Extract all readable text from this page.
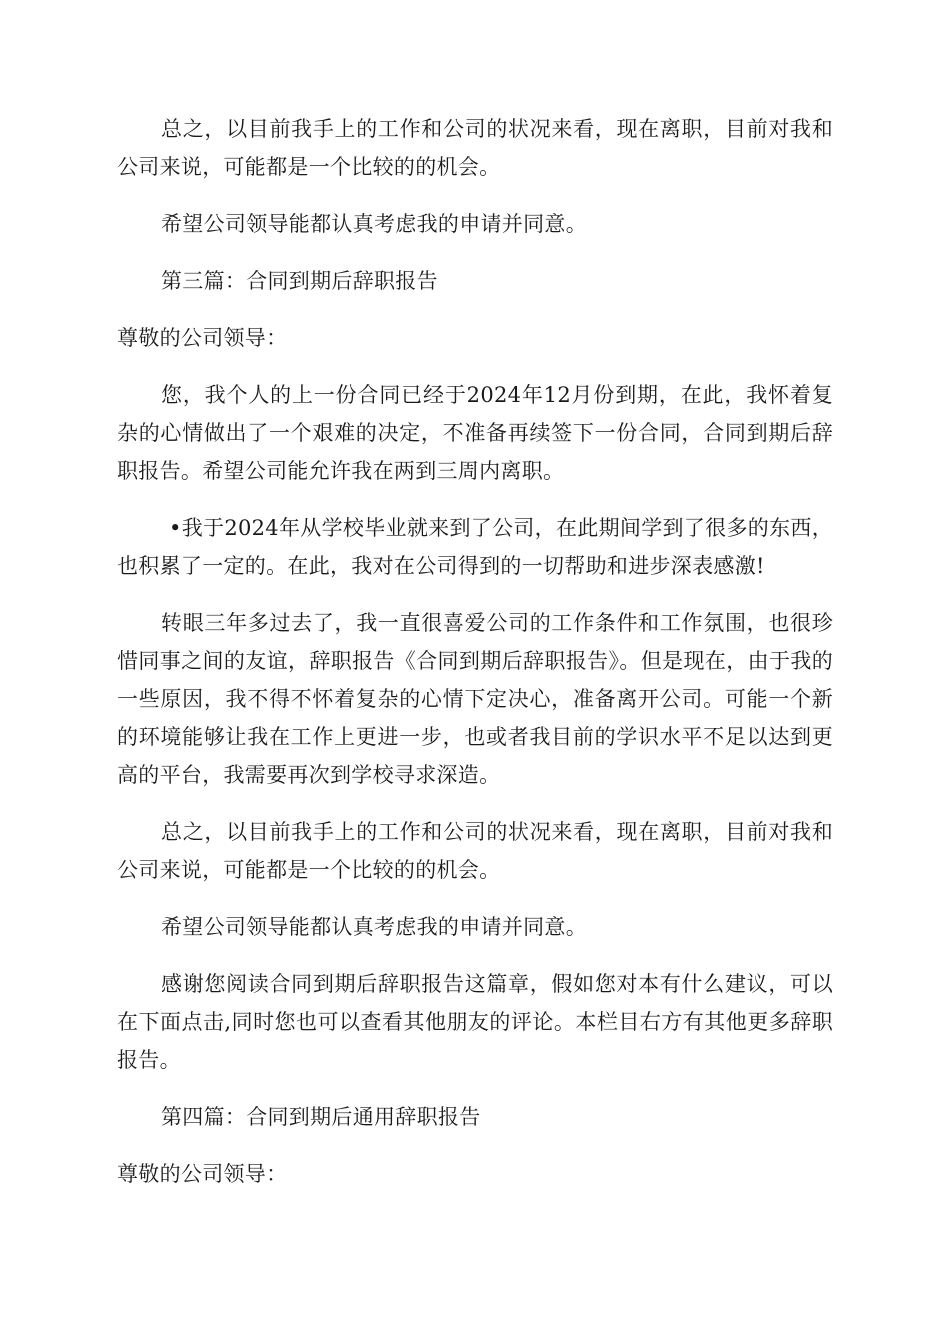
总之，以目前我手上的工作和公司的状况来看，现在离职，目前对我和公司来说，可能都是一个比较的的机会。

希望公司领导能都认真考虑我的申请并同意。

第三篇：合同到期后辞职报告

尊敬的公司领导：

您，我个人的上一份合同已经于2024年12月份到期，在此，我怀着复杂的心情做出了一个艰难的决定，不准备再续签下一份合同，合同到期后辞职报告。希望公司能允许我在两到三周内离职。

•我于2024年从学校毕业就来到了公司，在此期间学到了很多的东西，也积累了一定的。在此，我对在公司得到的一切帮助和进步深表感激!

转眼三年多过去了，我一直很喜爱公司的工作条件和工作氛围，也很珍惜同事之间的友谊，辞职报告《合同到期后辞职报告》。但是现在，由于我的一些原因，我不得不怀着复杂的心情下定决心，准备离开公司。可能一个新的环境能够让我在工作上更进一步，也或者我目前的学识水平不足以达到更高的平台，我需要再次到学校寻求深造。

总之，以目前我手上的工作和公司的状况来看，现在离职，目前对我和公司来说，可能都是一个比较的的机会。

希望公司领导能都认真考虑我的申请并同意。

感谢您阅读合同到期后辞职报告这篇章，假如您对本有什么建议，可以在下面点击,同时您也可以查看其他朋友的评论。本栏目右方有其他更多辞职报告。

第四篇：合同到期后通用辞职报告

尊敬的公司领导：
